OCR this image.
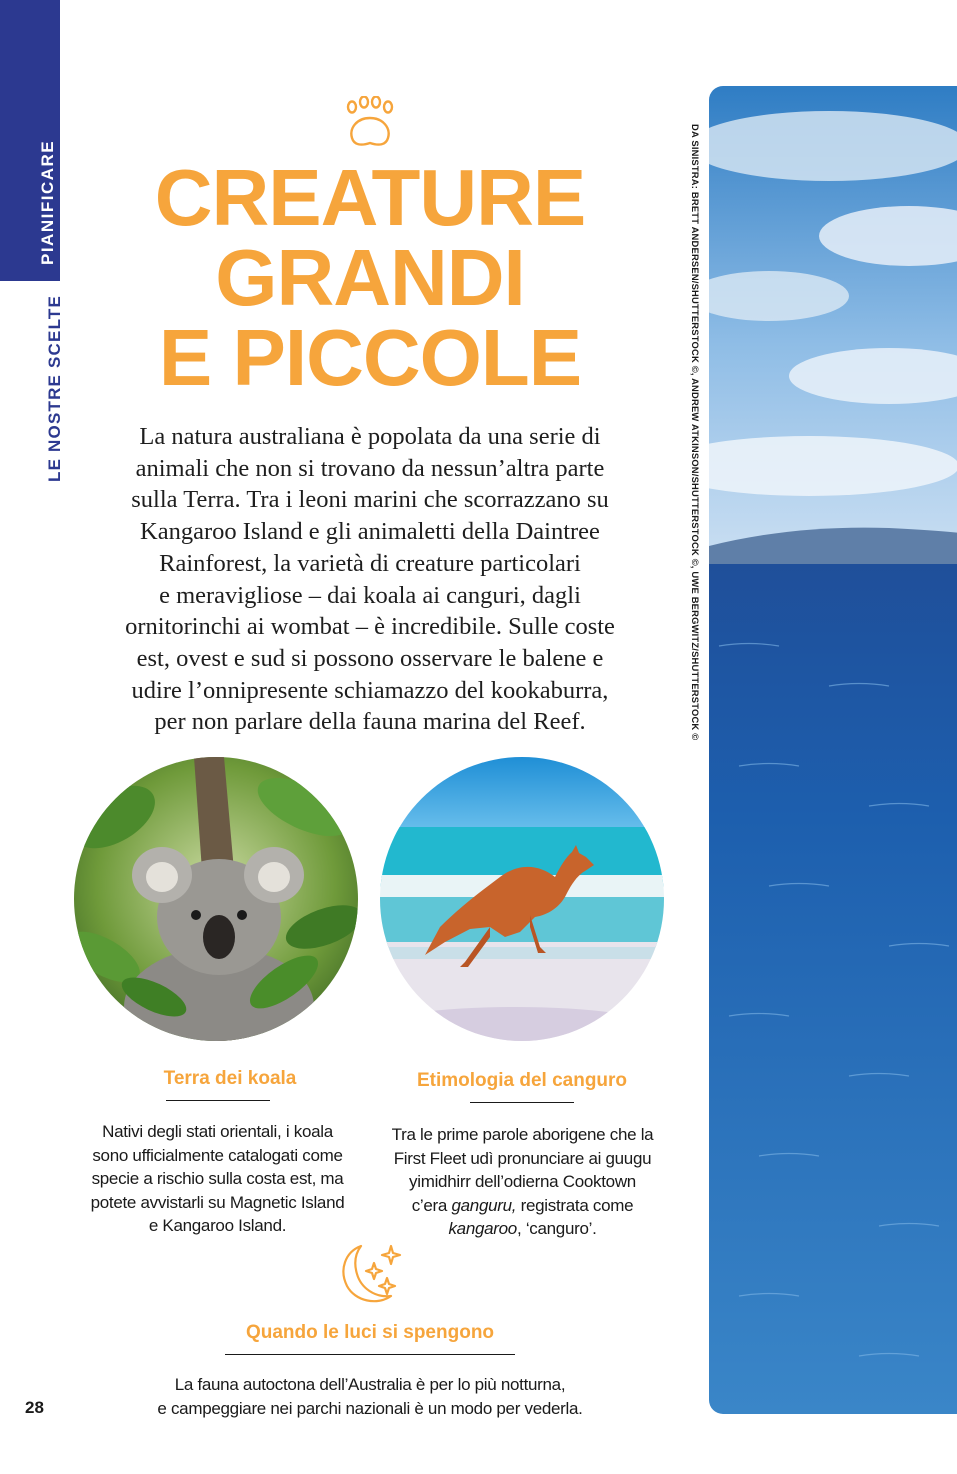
PIANIFICARE
LE NOSTRE SCELTE
CREATURE
GRANDI
E PICCOLE
La natura australiana è popolata da una serie di
animali che non si trovano da nessun’altra parte
sulla Terra. Tra i leoni marini che scorrazzano su
Kangaroo Island e gli animaletti della Daintree
Rainforest, la varietà di creature particolari
e meravigliose – dai koala ai canguri, dagli
ornitorinchi ai wombat – è incredibile. Sulle coste
est, ovest e sud si possono osservare le balene e
udire l’onnipresente schiamazzo del kookaburra,
per non parlare della fauna marina del Reef.
Terra dei koala
Nativi degli stati orientali, i koala
sono ufficialmente catalogati come
specie a rischio sulla costa est, ma
potete avvistarli su Magnetic Island
e Kangaroo Island.
Etimologia del canguro
Tra le prime parole aborigene che la
First Fleet udì pronunciare ai guugu
yimidhirr dell’odierna Cooktown
c’era ganguru, registrata come
kangaroo, ‘canguro’.
Quando le luci si spengono
La fauna autoctona dell’Australia è per lo più notturna,
e campeggiare nei parchi nazionali è un modo per vederla.
28
DA SINISTRA: BRETT ANDERSEN/SHUTTERSTOCK ©, ANDREW ATKINSON/SHUTTERSTOCK ©, UWE BERGWITZ/SHUTTERSTOCK ©
